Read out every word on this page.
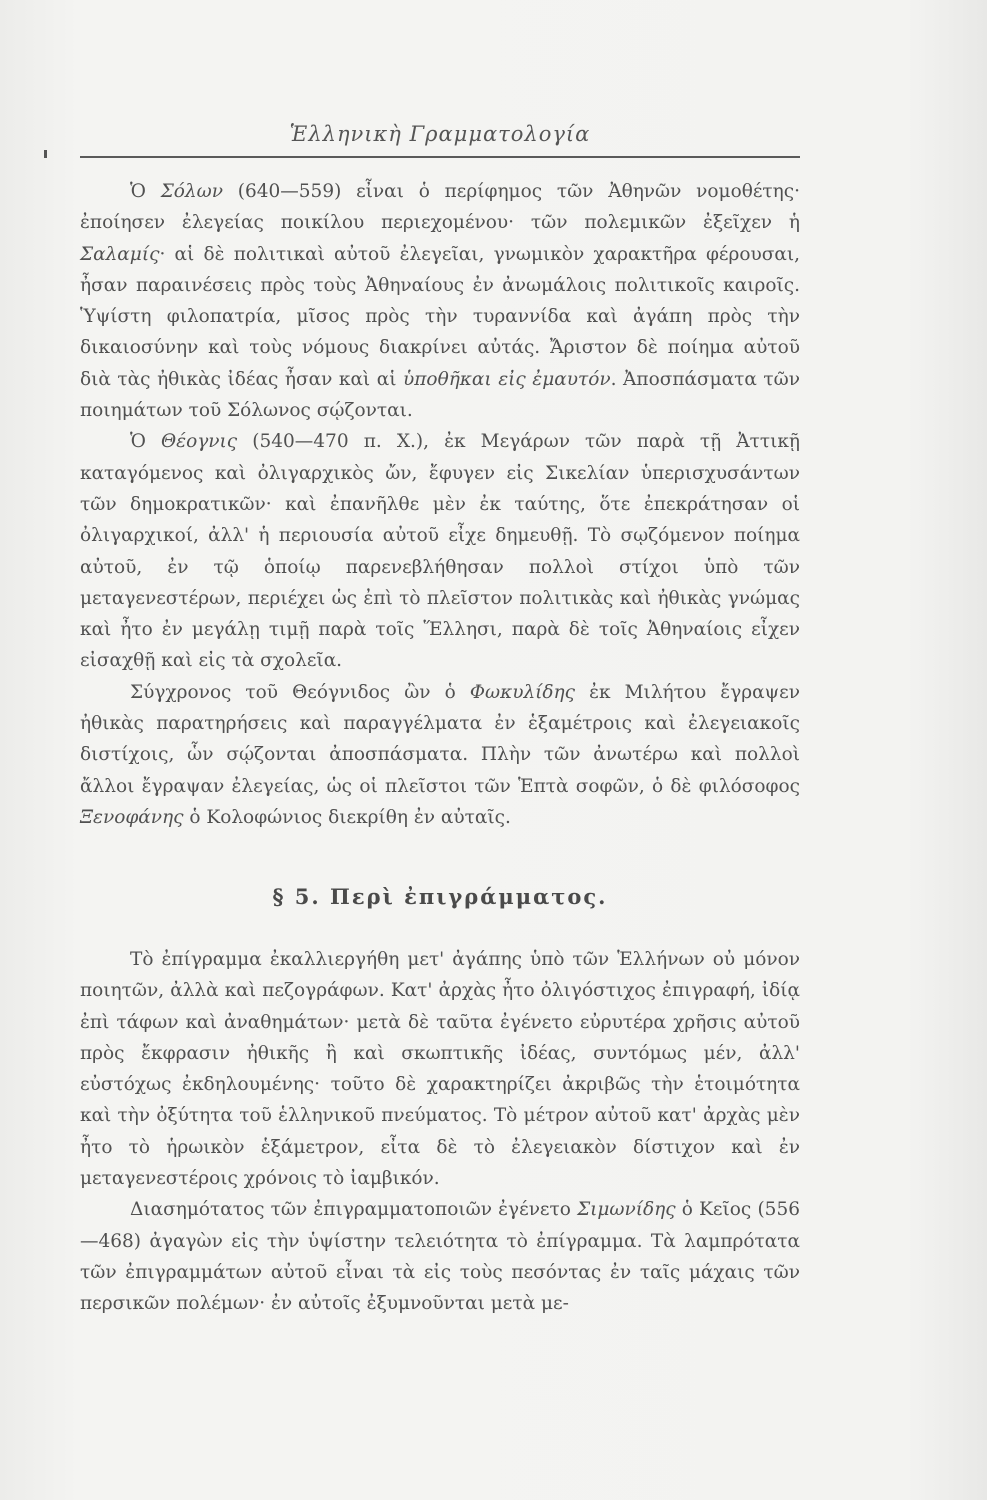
Ἑλληνικὴ Γραμματολογία

Ὁ Σόλων (640—559) εἶναι ὁ περίφημος τῶν Ἀθηνῶν νομοθέτης· ἐποίησεν ἐλεγείας ποικίλου περιεχομένου· τῶν πολεμικῶν ἐξεῖχεν ἡ Σαλαμίς· αἱ δὲ πολιτικαὶ αὐτοῦ ἐλεγεῖαι, γνωμικὸν χαρακτῆρα φέρουσαι, ἦσαν παραινέσεις πρὸς τοὺς Ἀθηναίους ἐν ἀνωμάλοις πολιτικοῖς καιροῖς. Ὑψίστη φιλοπατρία, μῖσος πρὸς τὴν τυραννίδα καὶ ἀγάπη πρὸς τὴν δικαιοσύνην καὶ τοὺς νόμους διακρίνει αὐτάς. Ἄριστον δὲ ποίημα αὐτοῦ διὰ τὰς ἠθικὰς ἰδέας ἦσαν καὶ αἱ ὑποθῆκαι εἰς ἐμαυτόν. Ἀποσπάσματα τῶν ποιημάτων τοῦ Σόλωνος σῴζονται.

Ὁ Θέογνις (540—470 π. Χ.), ἐκ Μεγάρων τῶν παρὰ τῇ Ἀττικῇ καταγόμενος καὶ ὀλιγαρχικὸς ὤν, ἔφυγεν εἰς Σικελίαν ὑπερισχυσάντων τῶν δημοκρατικῶν· καὶ ἐπανῆλθε μὲν ἐκ ταύτης, ὅτε ἐπεκράτησαν οἱ ὀλιγαρχικοί, ἀλλ' ἡ περιουσία αὐτοῦ εἶχε δημευθῇ. Τὸ σῳζόμενον ποίημα αὐτοῦ, ἐν τῷ ὁποίῳ παρενεβλήθησαν πολλοὶ στίχοι ὑπὸ τῶν μεταγενεστέρων, περιέχει ὡς ἐπὶ τὸ πλεῖστον πολιτικὰς καὶ ἠθικὰς γνώμας καὶ ἦτο ἐν μεγάλῃ τιμῇ παρὰ τοῖς Ἕλλησι, παρὰ δὲ τοῖς Ἀθηναίοις εἶχεν εἰσαχθῇ καὶ εἰς τὰ σχολεῖα.

Σύγχρονος τοῦ Θεόγνιδος ὢν ὁ Φωκυλίδης ἐκ Μιλήτου ἔγραψεν ἠθικὰς παρατηρήσεις καὶ παραγγέλματα ἐν ἑξαμέτροις καὶ ἐλεγειακοῖς διστίχοις, ὧν σῴζονται ἀποσπάσματα. Πλὴν τῶν ἀνωτέρω καὶ πολλοὶ ἄλλοι ἔγραψαν ἐλεγείας, ὡς οἱ πλεῖστοι τῶν Ἑπτὰ σοφῶν, ὁ δὲ φιλόσοφος Ξενοφάνης ὁ Κολοφώνιος διεκρίθη ἐν αὐταῖς.

§ 5. Περὶ ἐπιγράμματος.

Τὸ ἐπίγραμμα ἐκαλλιεργήθη μετ' ἀγάπης ὑπὸ τῶν Ἑλλήνων οὐ μόνον ποιητῶν, ἀλλὰ καὶ πεζογράφων. Κατ' ἀρχὰς ἦτο ὀλιγόστιχος ἐπιγραφή, ἰδίᾳ ἐπὶ τάφων καὶ ἀναθημάτων· μετὰ δὲ ταῦτα ἐγένετο εὐρυτέρα χρῆσις αὐτοῦ πρὸς ἔκφρασιν ἠθικῆς ἢ καὶ σκωπτικῆς ἰδέας, συντόμως μέν, ἀλλ' εὐστόχως ἐκδηλουμένης· τοῦτο δὲ χαρακτηρίζει ἀκριβῶς τὴν ἑτοιμότητα καὶ τὴν ὀξύτητα τοῦ ἑλληνικοῦ πνεύματος. Τὸ μέτρον αὐτοῦ κατ' ἀρχὰς μὲν ἦτο τὸ ἡρωικὸν ἑξάμετρον, εἶτα δὲ τὸ ἐλεγειακὸν δίστιχον καὶ ἐν μεταγενεστέροις χρόνοις τὸ ἰαμβικόν.

Διασημότατος τῶν ἐπιγραμματοποιῶν ἐγένετο Σιμωνίδης ὁ Κεῖος (556—468) ἀγαγὼν εἰς τὴν ὑψίστην τελειότητα τὸ ἐπίγραμμα. Τὰ λαμπρότατα τῶν ἐπιγραμμάτων αὐτοῦ εἶναι τὰ εἰς τοὺς πεσόντας ἐν ταῖς μάχαις τῶν περσικῶν πολέμων· ἐν αὐτοῖς ἐξυμνοῦνται μετὰ με-
